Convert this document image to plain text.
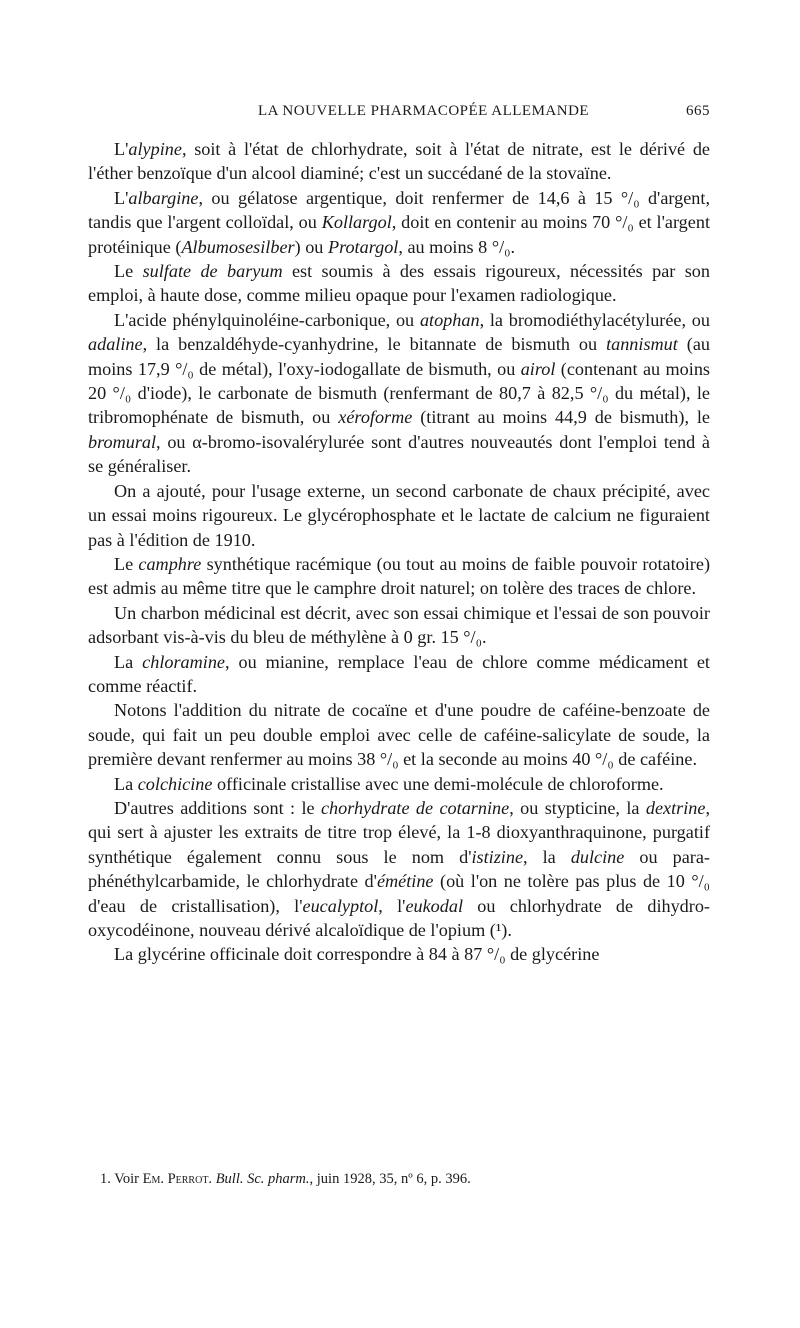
LA NOUVELLE PHARMACOPÉE ALLEMANDE	665

L'alypine, soit à l'état de chlorhydrate, soit à l'état de nitrate, est le dérivé de l'éther benzoïque d'un alcool diaminé; c'est un succédané de la stovaïne.

L'albargine, ou gélatose argentique, doit renfermer de 14,6 à 15 °/₀ d'argent, tandis que l'argent colloïdal, ou Kollargol, doit en contenir au moins 70 °/₀ et l'argent protéinique (Albumosesilber) ou Protargol, au moins 8 °/₀.

Le sulfate de baryum est soumis à des essais rigoureux, nécessités par son emploi, à haute dose, comme milieu opaque pour l'examen radiologique.

L'acide phénylquinoléine-carbonique, ou atophan, la bromodiéthylacétylurée, ou adaline, la benzaldéhyde-cyanhydrine, le bitannate de bismuth ou tannismut (au moins 17,9 °/₀ de métal), l'oxy-iodogallate de bismuth, ou airol (contenant au moins 20 °/₀ d'iode), le carbonate de bismuth (renfermant de 80,7 à 82,5 °/₀ du métal), le tribromophénate de bismuth, ou xéroforme (titrant au moins 44,9 de bismuth), le bromural, ou α-bromo-isovalérylurée sont d'autres nouveautés dont l'emploi tend à se généraliser.

On a ajouté, pour l'usage externe, un second carbonate de chaux précipité, avec un essai moins rigoureux. Le glycérophosphate et le lactate de calcium ne figuraient pas à l'édition de 1910.

Le camphre synthétique racémique (ou tout au moins de faible pouvoir rotatoire) est admis au même titre que le camphre droit naturel; on tolère des traces de chlore.

Un charbon médicinal est décrit, avec son essai chimique et l'essai de son pouvoir adsorbant vis-à-vis du bleu de méthylène à 0 gr. 15 °/₀.

La chloramine, ou mianine, remplace l'eau de chlore comme médicament et comme réactif.

Notons l'addition du nitrate de cocaïne et d'une poudre de caféine-benzoate de soude, qui fait un peu double emploi avec celle de caféine-salicylate de soude, la première devant renfermer au moins 38 °/₀ et la seconde au moins 40 °/₀ de caféine.

La colchicine officinale cristallise avec une demi-molécule de chloroforme.

D'autres additions sont : le chorhydrate de cotarnine, ou stypticine, la dextrine, qui sert à ajuster les extraits de titre trop élevé, la 1-8 dioxyanthraquinone, purgatif synthétique également connu sous le nom d'istizine, la dulcine ou para-phénéthylcarbamide, le chlorhydrate d'émétine (où l'on ne tolère pas plus de 10 °/₀ d'eau de cristallisation), l'eucalyptol, l'eukodal ou chlorhydrate de dihydro-oxycodéinone, nouveau dérivé alcaloïdique de l'opium (¹).

La glycérine officinale doit correspondre à 84 à 87 °/₀ de glycérine

1. Voir Em. Perrot. Bull. Sc. pharm., juin 1928, 35, nº 6, p. 396.
